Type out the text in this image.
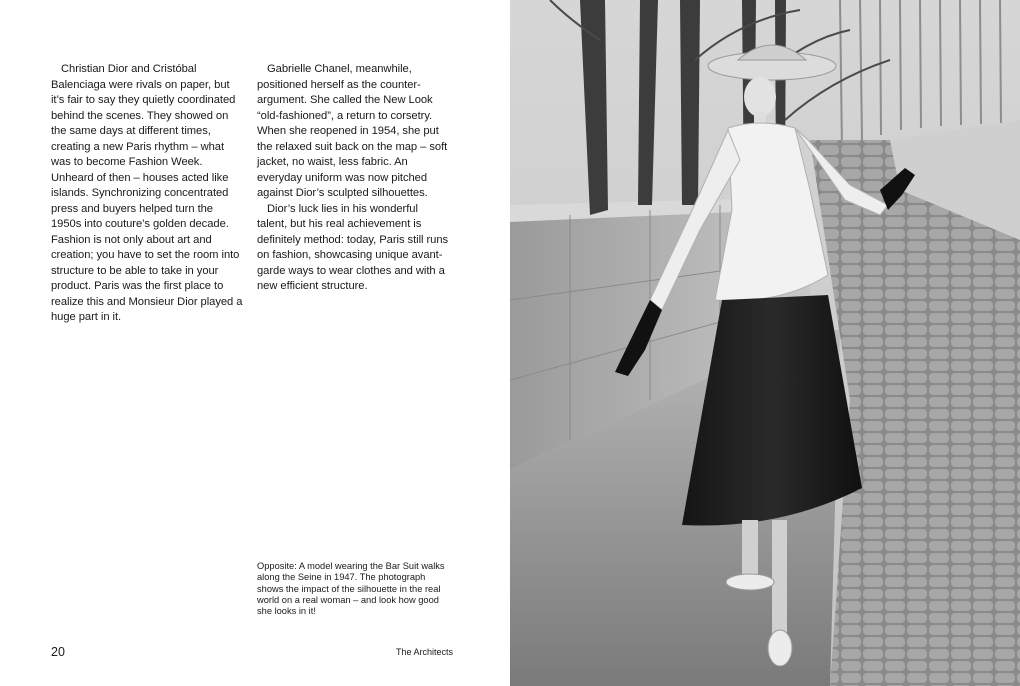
Christian Dior and Cristóbal Balenciaga were rivals on paper, but it’s fair to say they quietly coordinated behind the scenes. They showed on the same days at different times, creating a new Paris rhythm – what was to become Fashion Week. Unheard of then – houses acted like islands. Synchronizing concentrated press and buyers helped turn the 1950s into couture’s golden decade. Fashion is not only about art and creation; you have to set the room into structure to be able to take in your product. Paris was the first place to realize this and Monsieur Dior played a huge part in it.

Gabrielle Chanel, meanwhile, positioned herself as the counter-argument. She called the New Look “old-fashioned”, a return to corsetry. When she reopened in 1954, she put the relaxed suit back on the map – soft jacket, no waist, less fabric. An everyday uniform was now pitched against Dior’s sculpted silhouettes.

Dior’s luck lies in his wonderful talent, but his real achievement is definitely method: today, Paris still runs on fashion, showcasing unique avant-garde ways to wear clothes and with a new efficient structure.

Opposite: A model wearing the Bar Suit walks along the Seine in 1947. The photograph shows the impact of the silhouette in the real world on a real woman – and look how good she looks in it!
20	The Architects
